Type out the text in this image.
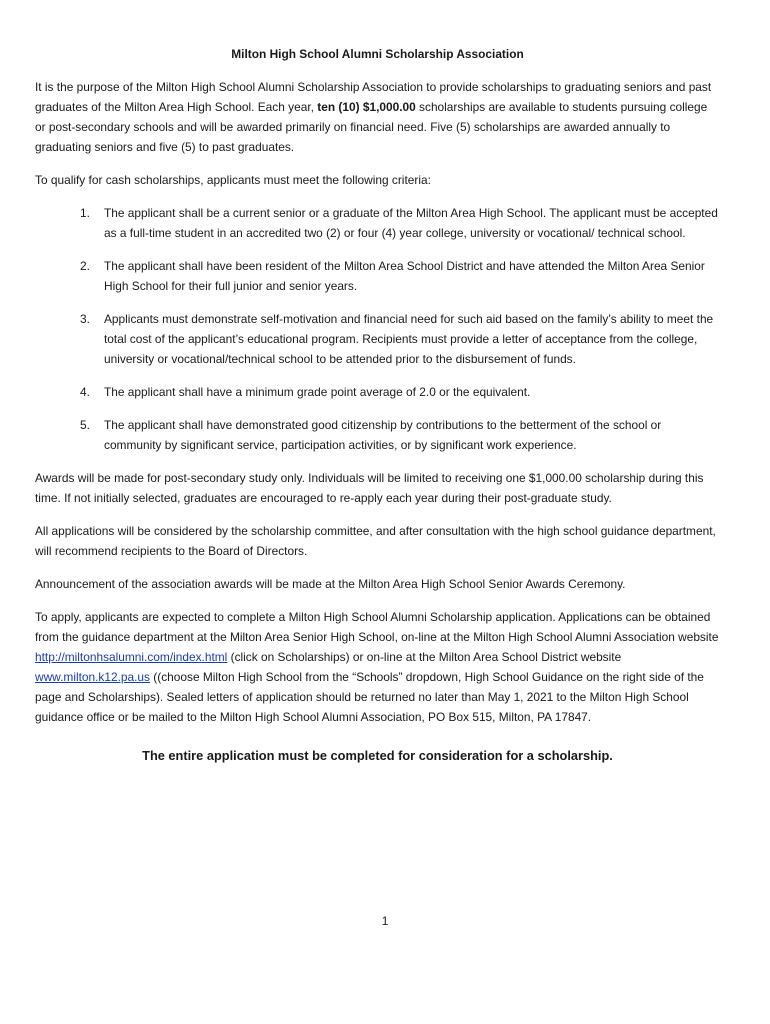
Milton High School Alumni Scholarship Association

It is the purpose of the Milton High School Alumni Scholarship Association to provide scholarships to graduating seniors and past graduates of the Milton Area High School. Each year, ten (10) $1,000.00 scholarships are available to students pursuing college or post-secondary schools and will be awarded primarily on financial need. Five (5) scholarships are awarded annually to graduating seniors and five (5) to past graduates.

To qualify for cash scholarships, applicants must meet the following criteria:

1. The applicant shall be a current senior or a graduate of the Milton Area High School. The applicant must be accepted as a full-time student in an accredited two (2) or four (4) year college, university or vocational/ technical school.
2. The applicant shall have been resident of the Milton Area School District and have attended the Milton Area Senior High School for their full junior and senior years.
3. Applicants must demonstrate self-motivation and financial need for such aid based on the family’s ability to meet the total cost of the applicant’s educational program. Recipients must provide a letter of acceptance from the college, university or vocational/technical school to be attended prior to the disbursement of funds.
4. The applicant shall have a minimum grade point average of 2.0 or the equivalent.
5. The applicant shall have demonstrated good citizenship by contributions to the betterment of the school or community by significant service, participation activities, or by significant work experience.

Awards will be made for post-secondary study only. Individuals will be limited to receiving one $1,000.00 scholarship during this time. If not initially selected, graduates are encouraged to re-apply each year during their post-graduate study.

All applications will be considered by the scholarship committee, and after consultation with the high school guidance department, will recommend recipients to the Board of Directors.

Announcement of the association awards will be made at the Milton Area High School Senior Awards Ceremony.

To apply, applicants are expected to complete a Milton High School Alumni Scholarship application. Applications can be obtained from the guidance department at the Milton Area Senior High School, on-line at the Milton High School Alumni Association website http://miltonhsalumni.com/index.html (click on Scholarships) or on-line at the Milton Area School District website www.milton.k12.pa.us ((choose Milton High School from the “Schools” dropdown, High School Guidance on the right side of the page and Scholarships). Sealed letters of application should be returned no later than May 1, 2021 to the Milton High School guidance office or be mailed to the Milton High School Alumni Association, PO Box 515, Milton, PA 17847.

The entire application must be completed for consideration for a scholarship.
1
